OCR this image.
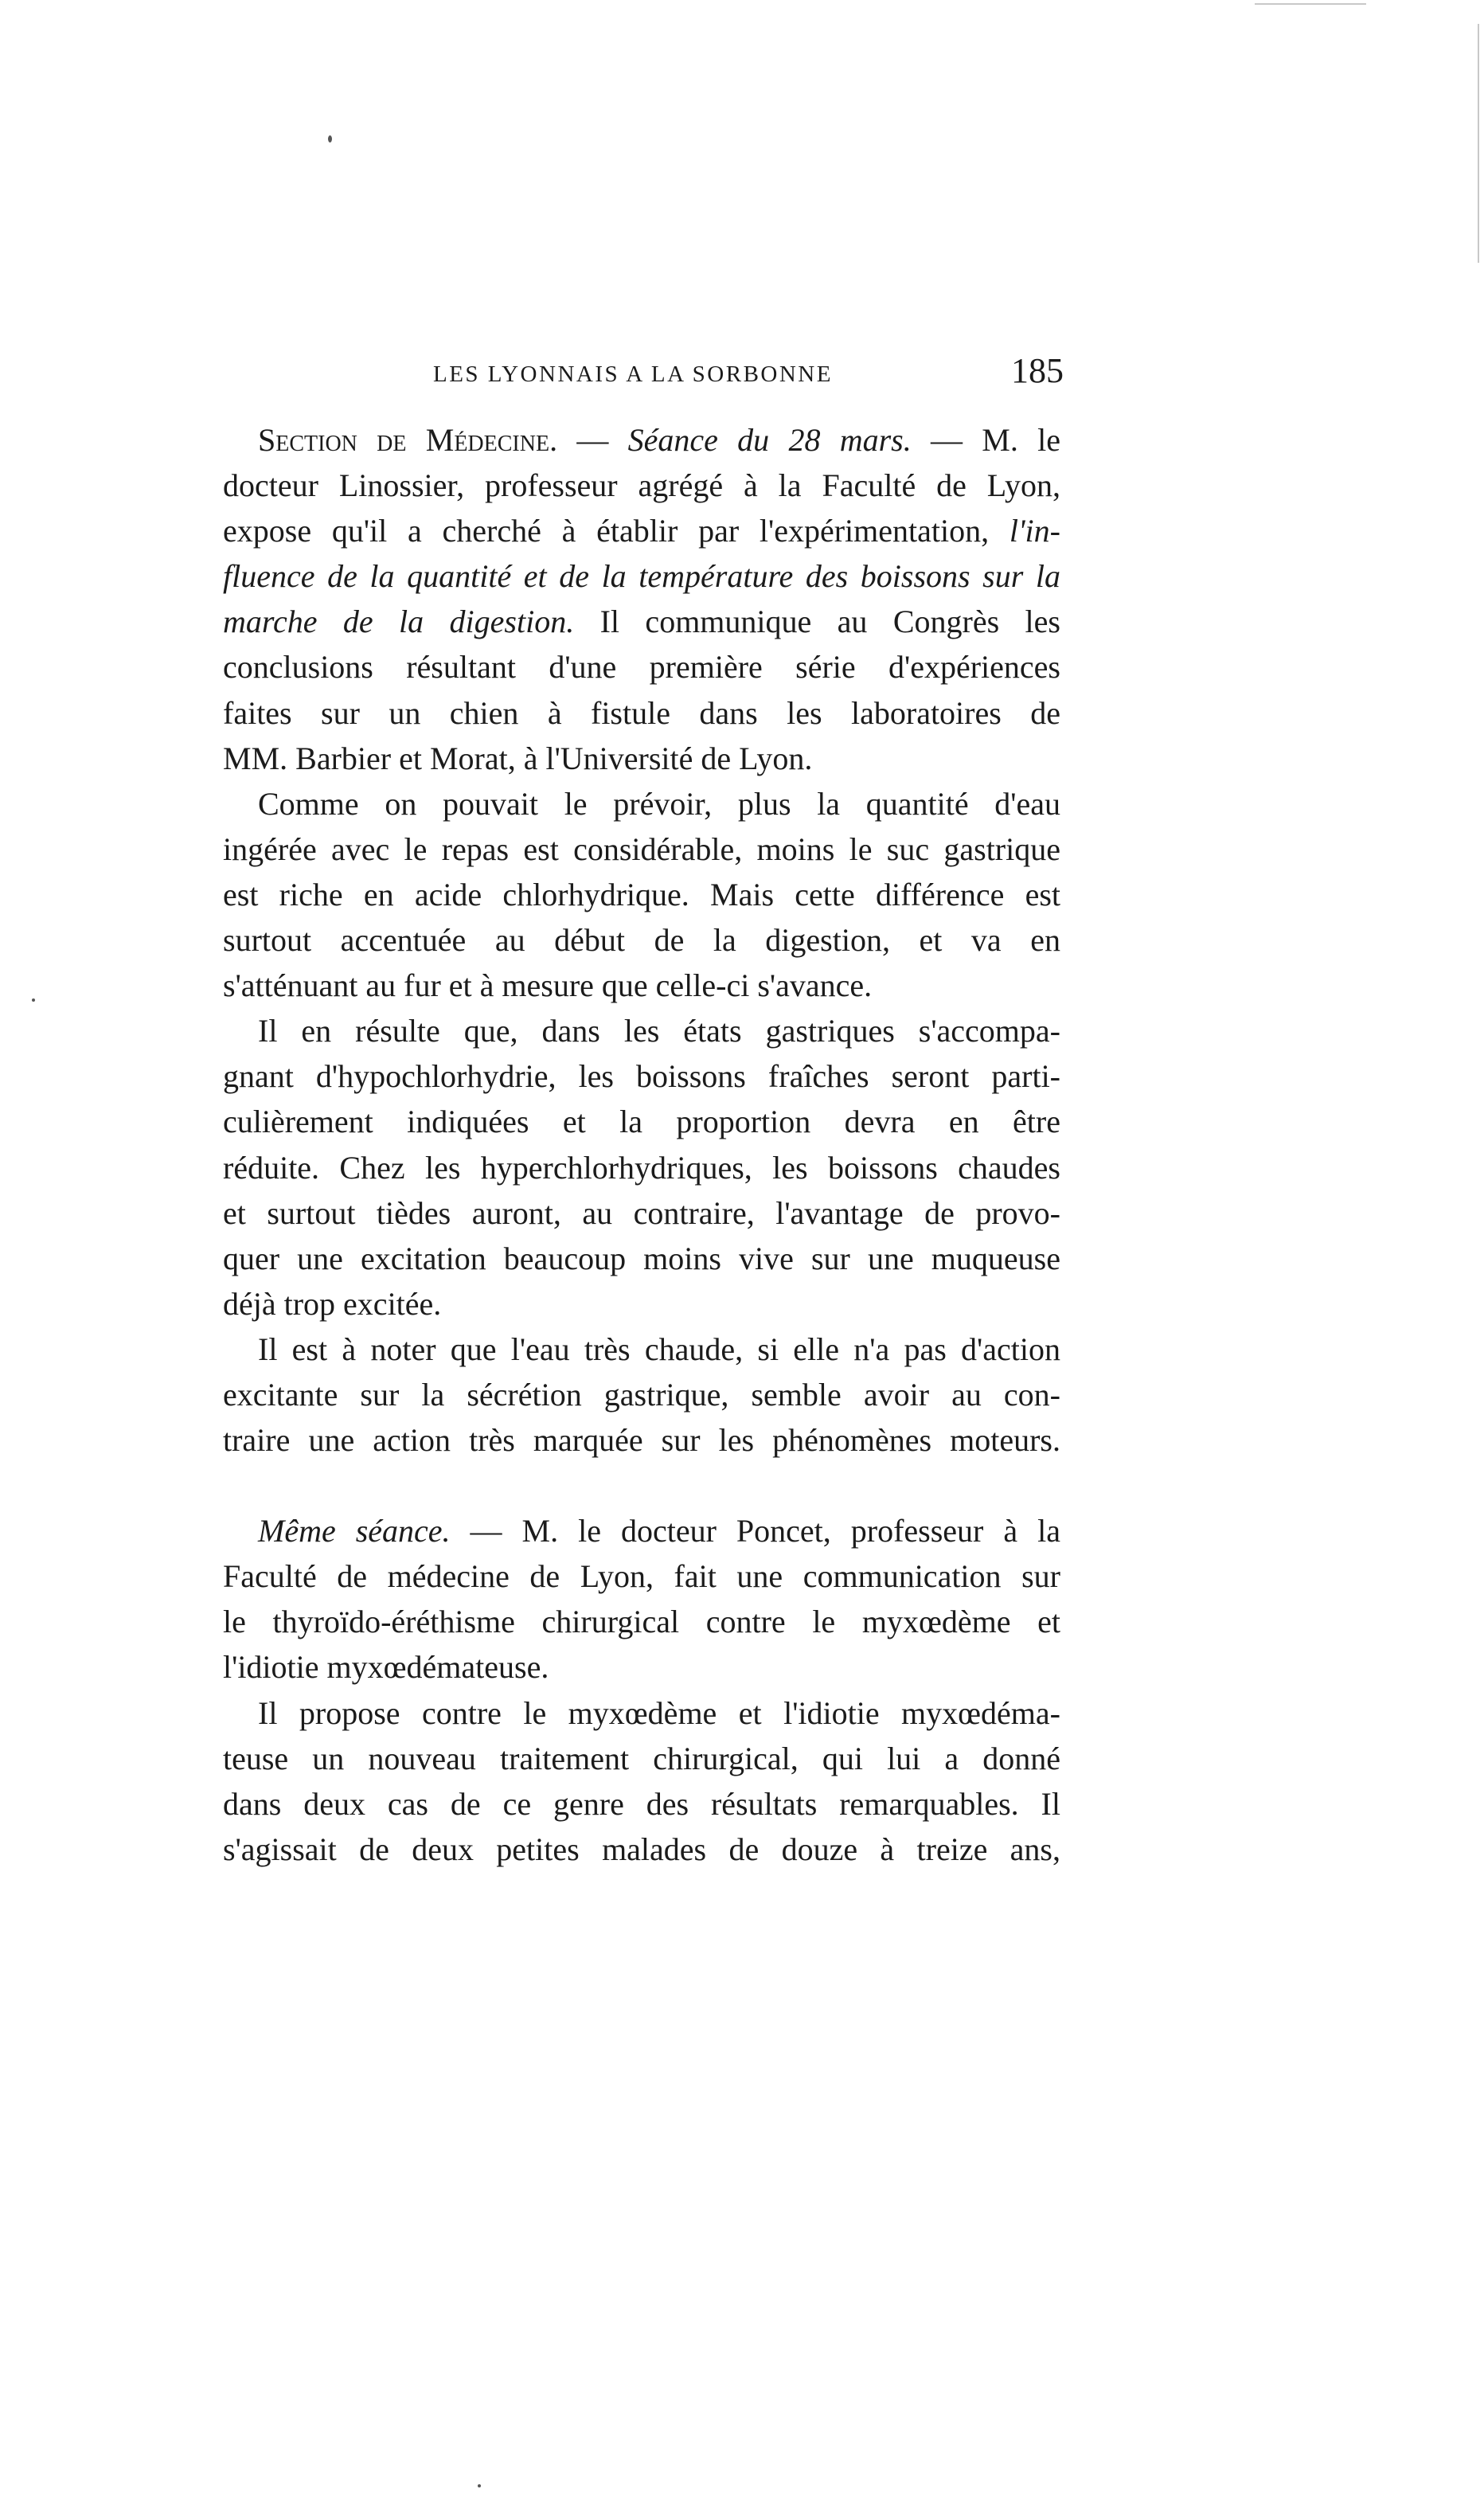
LES LYONNAIS A LA SORBONNE	185
Section de Médecine. — Séance du 28 mars. — M. le
docteur Linossier, professeur agrégé à la Faculté de Lyon,
expose qu'il a cherché à établir par l'expérimentation, l'in-
fluence de la quantité et de la température des boissons sur la
marche de la digestion. Il communique au Congrès les
conclusions résultant d'une première série d'expériences
faites sur un chien à fistule dans les laboratoires de
MM. Barbier et Morat, à l'Université de Lyon.
Comme on pouvait le prévoir, plus la quantité d'eau
ingérée avec le repas est considérable, moins le suc gastrique
est riche en acide chlorhydrique. Mais cette différence est
surtout accentuée au début de la digestion, et va en
s'atténuant au fur et à mesure que celle-ci s'avance.
Il en résulte que, dans les états gastriques s'accompa-
gnant d'hypochlorhydrie, les boissons fraîches seront parti-
culièrement indiquées et la proportion devra en être
réduite. Chez les hyperchlorhydriques, les boissons chaudes
et surtout tièdes auront, au contraire, l'avantage de provo-
quer une excitation beaucoup moins vive sur une muqueuse
déjà trop excitée.
Il est à noter que l'eau très chaude, si elle n'a pas d'action
excitante sur la sécrétion gastrique, semble avoir au con-
traire une action très marquée sur les phénomènes moteurs.
Même séance. — M. le docteur Poncet, professeur à la
Faculté de médecine de Lyon, fait une communication sur
le thyroïdo-éréthisme chirurgical contre le myxœdème et
l'idiotie myxœdémateuse.
Il propose contre le myxœdème et l'idiotie myxœdéma-
teuse un nouveau traitement chirurgical, qui lui a donné
dans deux cas de ce genre des résultats remarquables. Il
s'agissait de deux petites malades de douze à treize ans,
